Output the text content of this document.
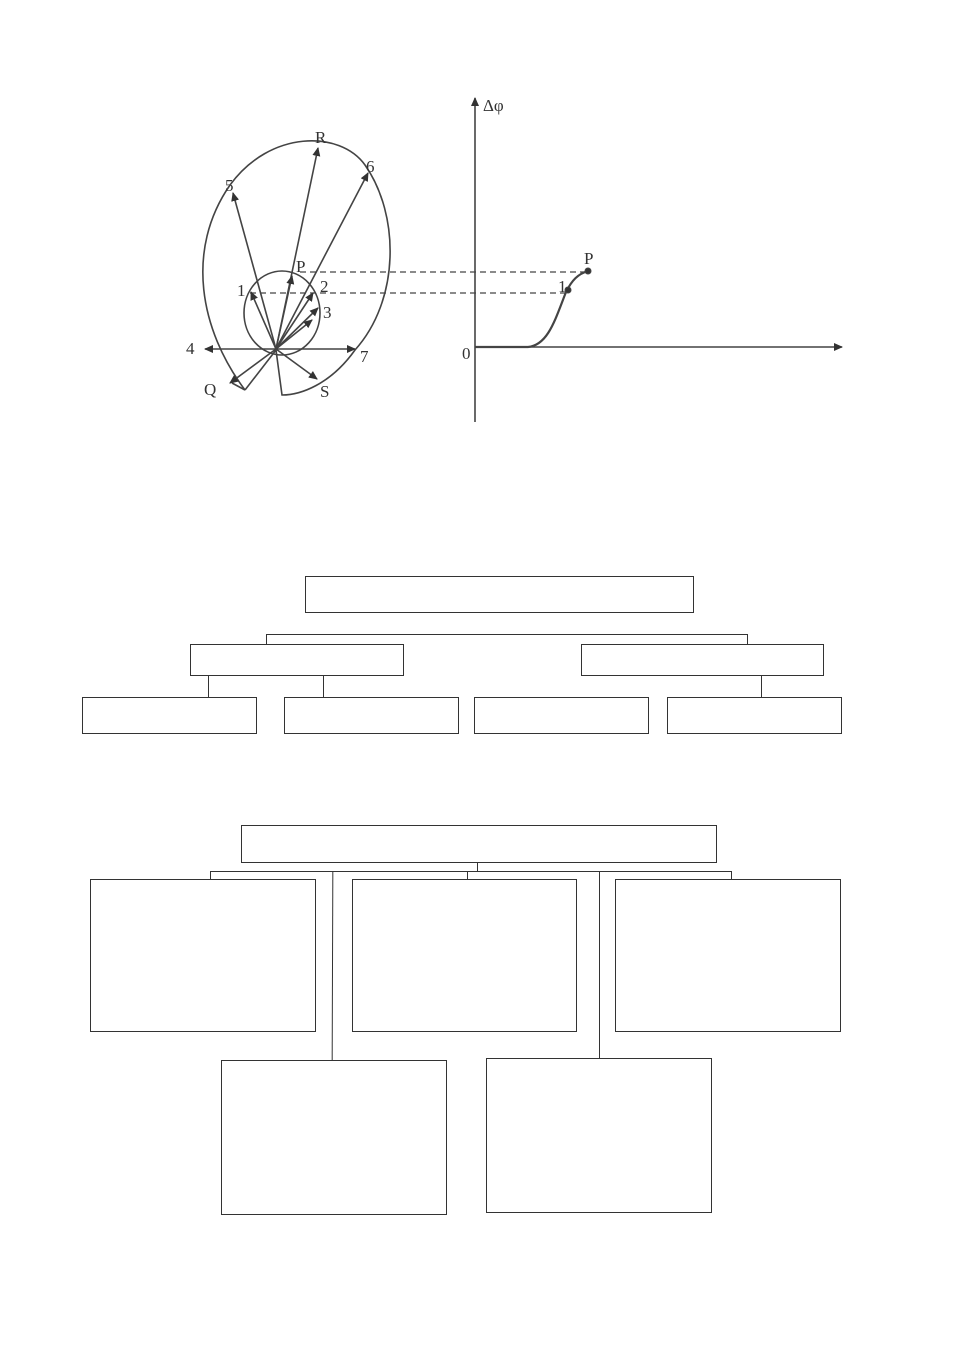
R
5
6
P
1	2
3
4	7
Q	S
Δφ
0
P
1
